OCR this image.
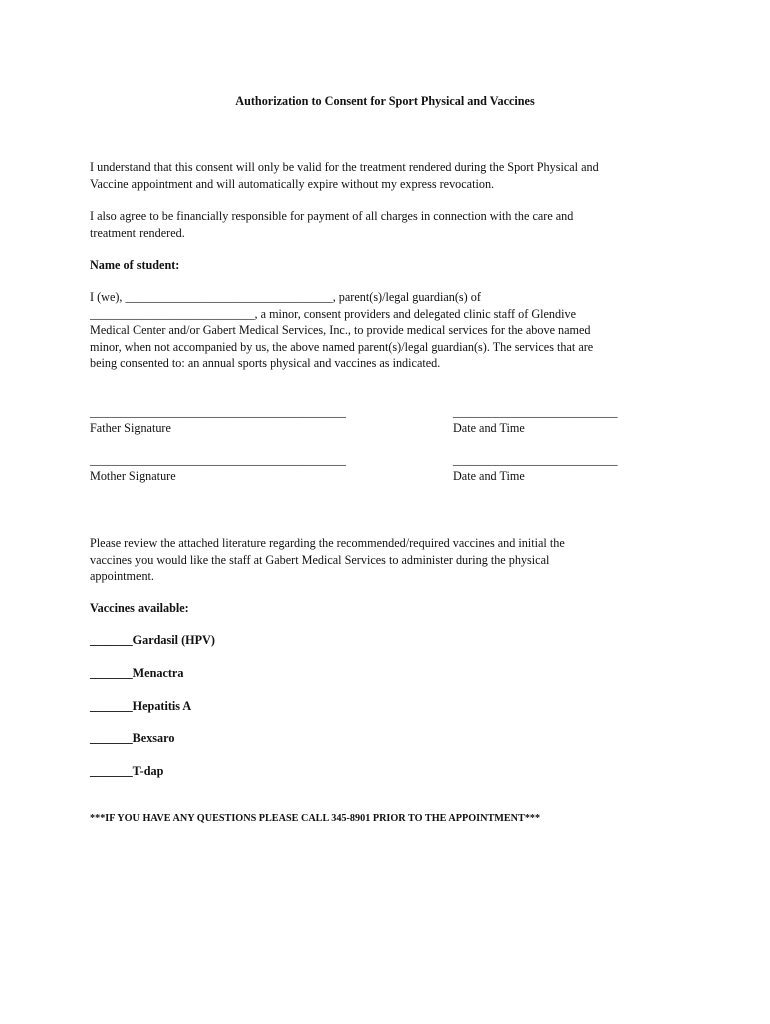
Authorization to Consent for Sport Physical and Vaccines
I understand that this consent will only be valid for the treatment rendered during the Sport Physical and
Vaccine appointment and will automatically expire without my express revocation.
I also agree to be financially responsible for payment of all charges in connection with the care and
treatment rendered.
Name of student:
I (we), __________________________________, parent(s)/legal guardian(s) of
___________________________, a minor, consent providers and delegated clinic staff of Glendive
Medical Center and/or Gabert Medical Services, Inc., to provide medical services for the above named
minor, when not accompanied by us, the above named parent(s)/legal guardian(s). The services that are
being consented to: an annual sports physical and vaccines as indicated.
__________________________________________
Father Signature
___________________________
Date and Time
__________________________________________
Mother Signature
___________________________
Date and Time
Please review the attached literature regarding the recommended/required vaccines and initial the
vaccines you would like the staff at Gabert Medical Services to administer during the physical
appointment.
Vaccines available:
_______Gardasil (HPV)
_______Menactra
_______Hepatitis A
_______Bexsaro
_______T-dap
***IF YOU HAVE ANY QUESTIONS PLEASE CALL 345-8901 PRIOR TO THE APPOINTMENT***
